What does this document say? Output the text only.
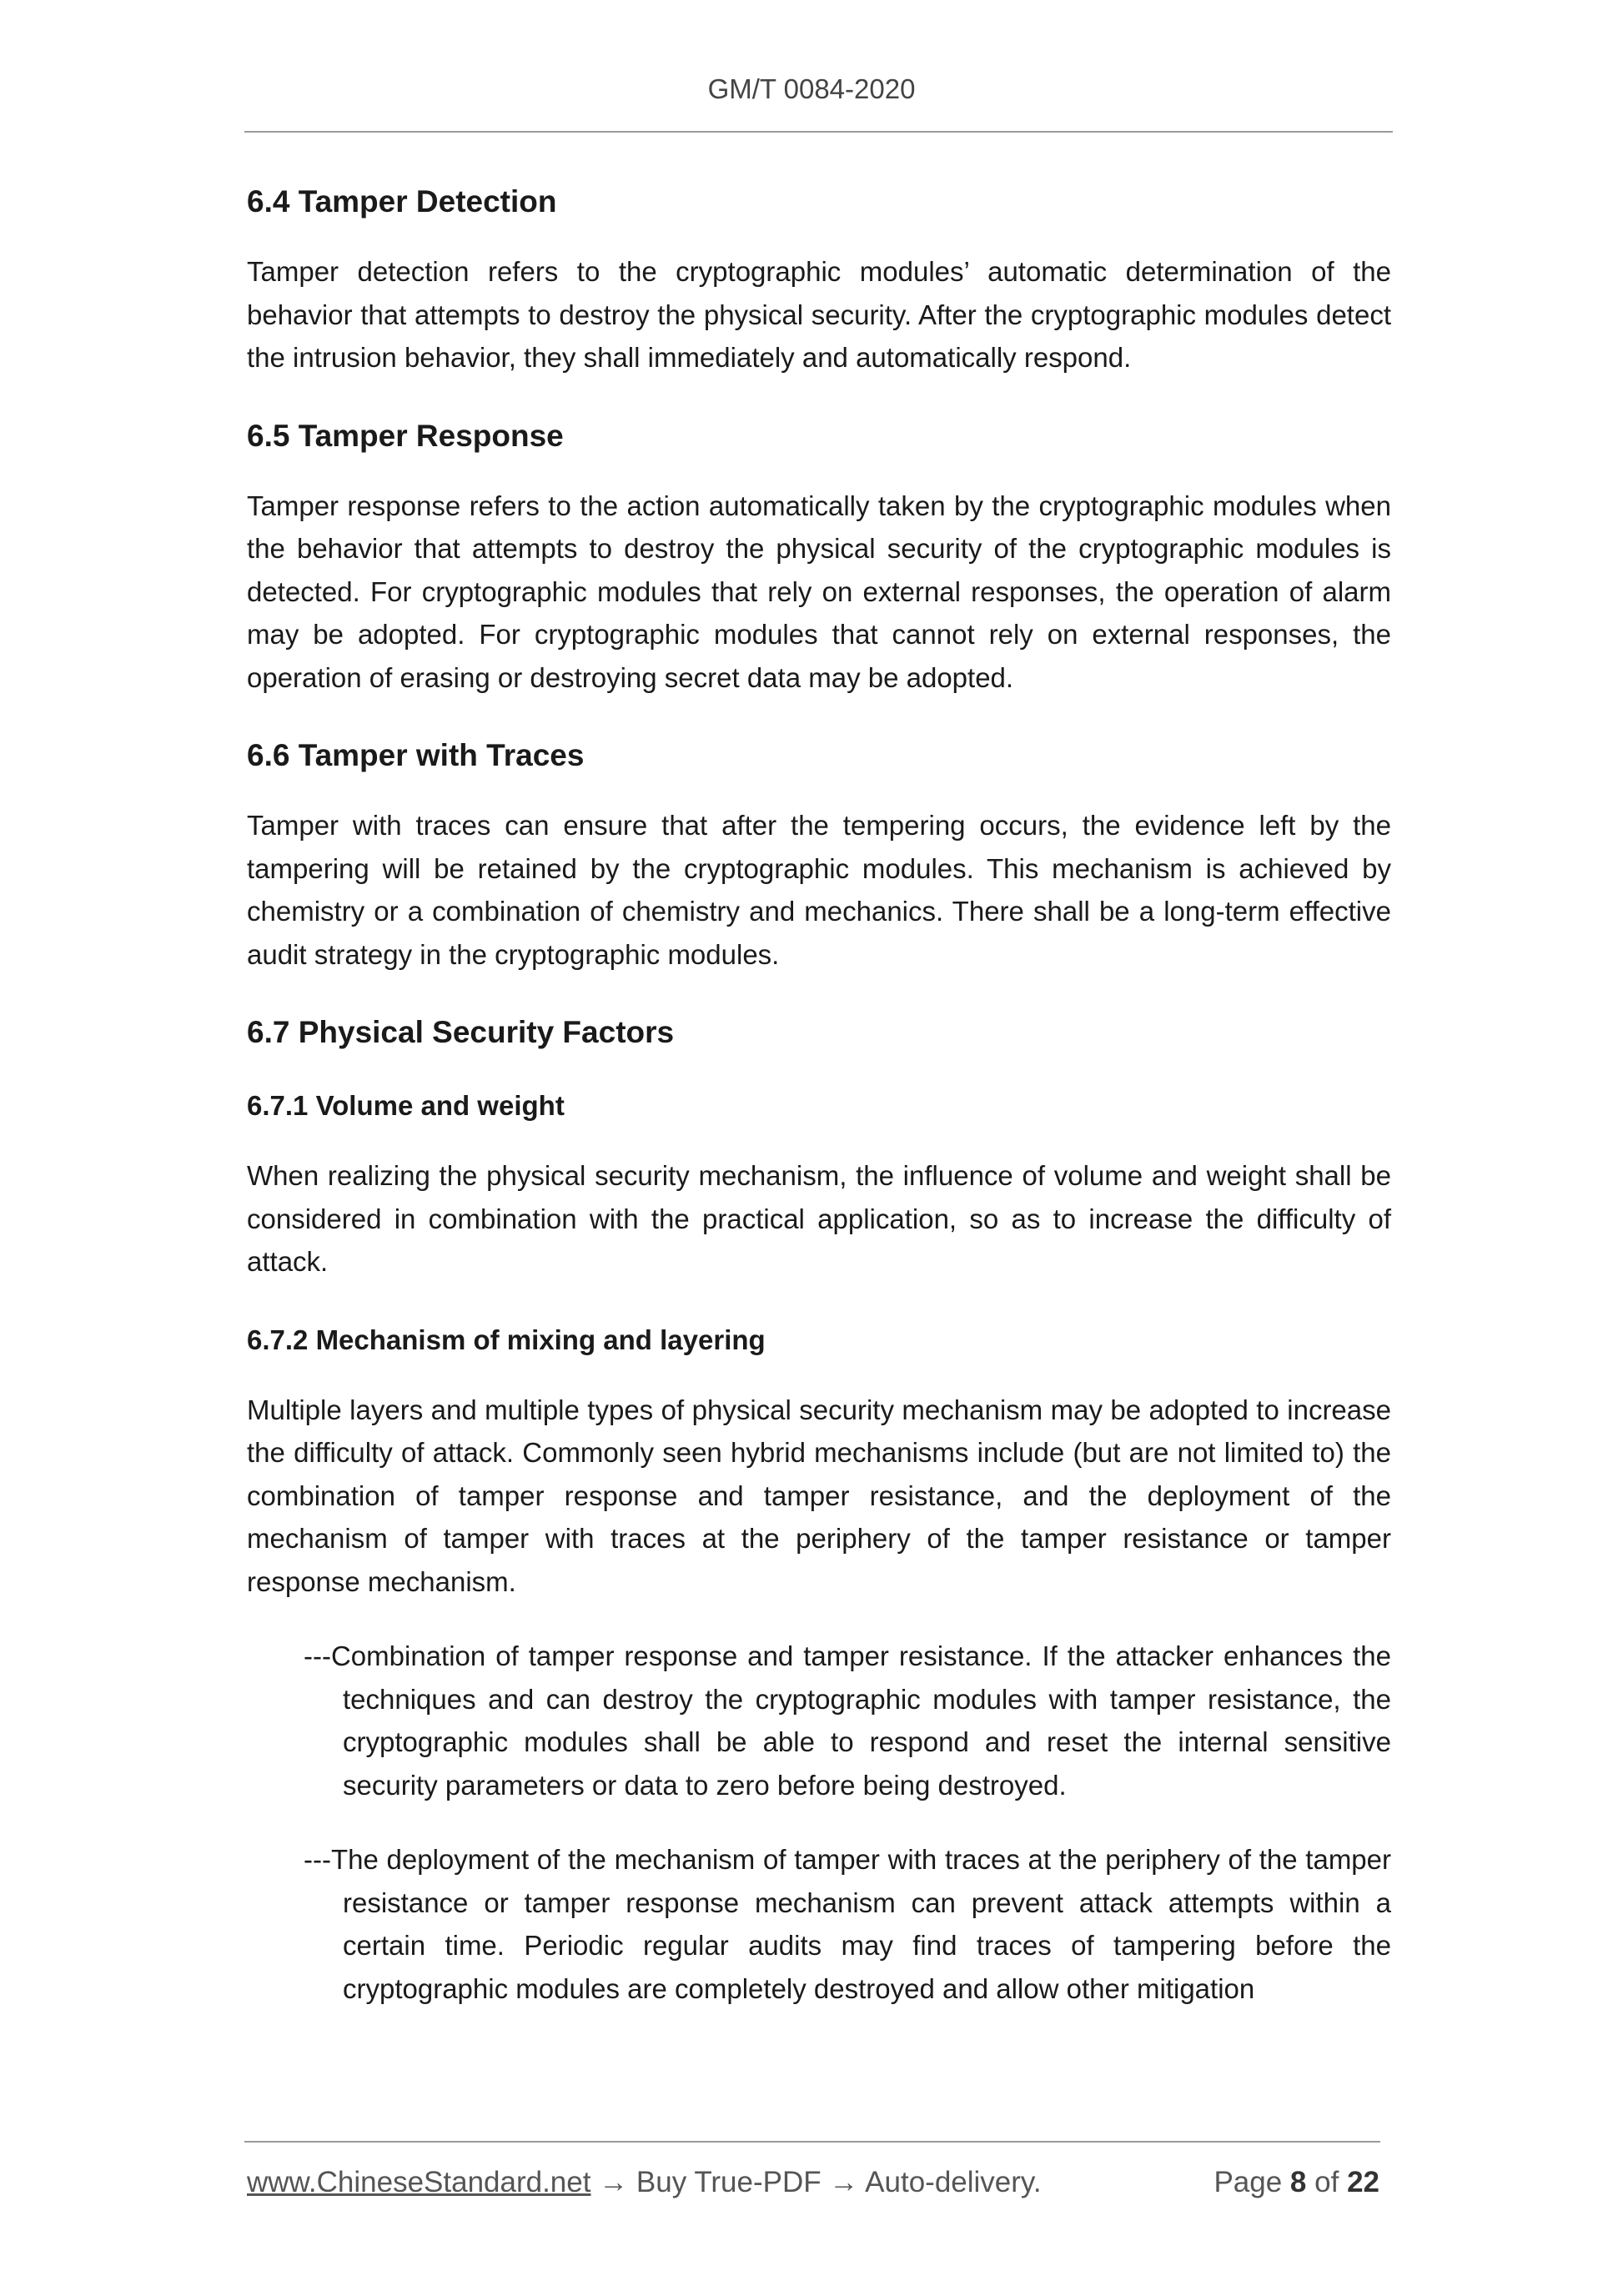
GM/T 0084-2020
6.4 Tamper Detection

Tamper detection refers to the cryptographic modules’ automatic determination of the behavior that attempts to destroy the physical security. After the cryptographic modules detect the intrusion behavior, they shall immediately and automatically respond.

6.5 Tamper Response

Tamper response refers to the action automatically taken by the cryptographic modules when the behavior that attempts to destroy the physical security of the cryptographic modules is detected. For cryptographic modules that rely on external responses, the operation of alarm may be adopted. For cryptographic modules that cannot rely on external responses, the operation of erasing or destroying secret data may be adopted.

6.6 Tamper with Traces

Tamper with traces can ensure that after the tempering occurs, the evidence left by the tampering will be retained by the cryptographic modules. This mechanism is achieved by chemistry or a combination of chemistry and mechanics. There shall be a long-term effective audit strategy in the cryptographic modules.

6.7 Physical Security Factors
6.7.1 Volume and weight

When realizing the physical security mechanism, the influence of volume and weight shall be considered in combination with the practical application, so as to increase the difficulty of attack.

6.7.2 Mechanism of mixing and layering

Multiple layers and multiple types of physical security mechanism may be adopted to increase the difficulty of attack. Commonly seen hybrid mechanisms include (but are not limited to) the combination of tamper response and tamper resistance, and the deployment of the mechanism of tamper with traces at the periphery of the tamper resistance or tamper response mechanism.

---Combination of tamper response and tamper resistance. If the attacker enhances the techniques and can destroy the cryptographic modules with tamper resistance, the cryptographic modules shall be able to respond and reset the internal sensitive security parameters or data to zero before being destroyed.

---The deployment of the mechanism of tamper with traces at the periphery of the tamper resistance or tamper response mechanism can prevent attack attempts within a certain time. Periodic regular audits may find traces of tampering before the cryptographic modules are completely destroyed and allow other mitigation

www.ChineseStandard.net → Buy True-PDF → Auto-delivery.	Page 8 of 22
